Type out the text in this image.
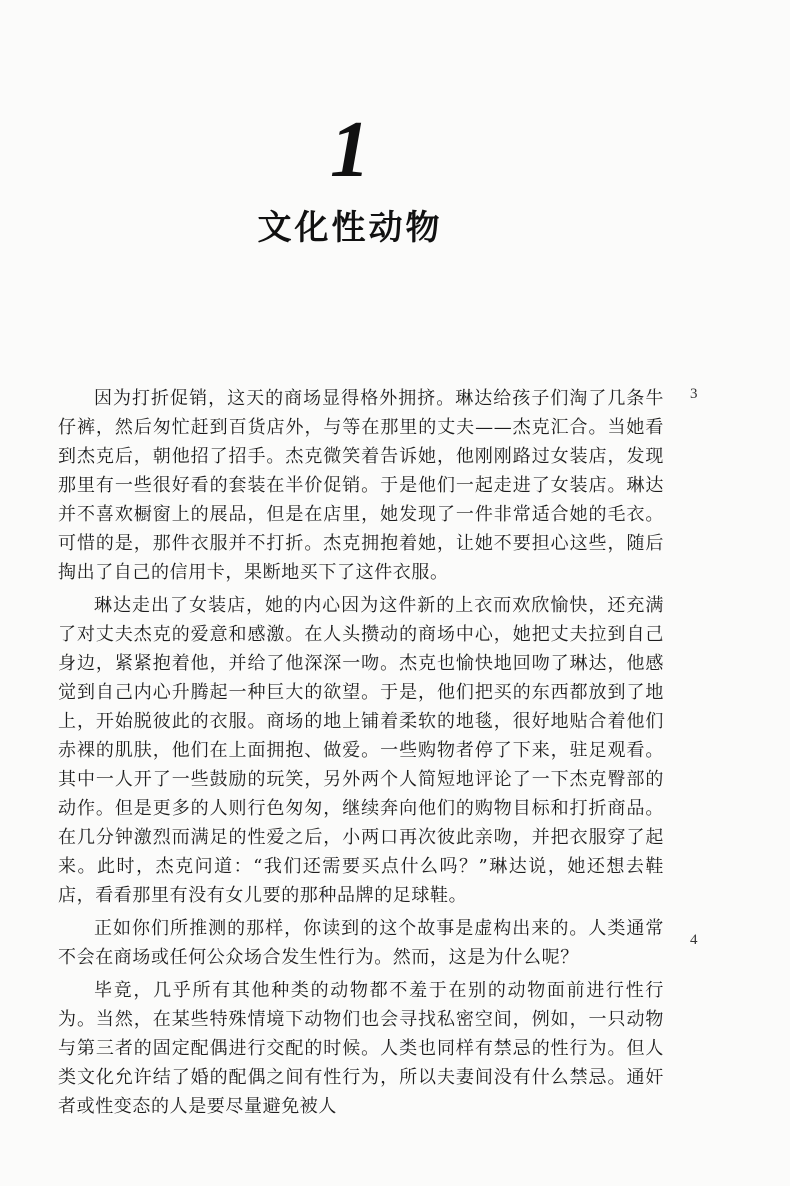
1
文化性动物

因为打折促销，这天的商场显得格外拥挤。琳达给孩子们淘了几条牛仔裤，然后匆忙赶到百货店外，与等在那里的丈夫——杰克汇合。当她看到杰克后，朝他招了招手。杰克微笑着告诉她，他刚刚路过女装店，发现那里有一些很好看的套装在半价促销。于是他们一起走进了女装店。琳达并不喜欢橱窗上的展品，但是在店里，她发现了一件非常适合她的毛衣。可惜的是，那件衣服并不打折。杰克拥抱着她，让她不要担心这些，随后掏出了自己的信用卡，果断地买下了这件衣服。

琳达走出了女装店，她的内心因为这件新的上衣而欢欣愉快，还充满了对丈夫杰克的爱意和感激。在人头攒动的商场中心，她把丈夫拉到自己身边，紧紧抱着他，并给了他深深一吻。杰克也愉快地回吻了琳达，他感觉到自己内心升腾起一种巨大的欲望。于是，他们把买的东西都放到了地上，开始脱彼此的衣服。商场的地上铺着柔软的地毯，很好地贴合着他们赤裸的肌肤，他们在上面拥抱、做爱。一些购物者停了下来，驻足观看。其中一人开了一些鼓励的玩笑，另外两个人简短地评论了一下杰克臀部的动作。但是更多的人则行色匆匆，继续奔向他们的购物目标和打折商品。在几分钟激烈而满足的性爱之后，小两口再次彼此亲吻，并把衣服穿了起来。此时，杰克问道：“我们还需要买点什么吗？”琳达说，她还想去鞋店，看看那里有没有女儿要的那种品牌的足球鞋。

正如你们所推测的那样，你读到的这个故事是虚构出来的。人类通常不会在商场或任何公众场合发生性行为。然而，这是为什么呢？

毕竟，几乎所有其他种类的动物都不羞于在别的动物面前进行性行为。当然，在某些特殊情境下动物们也会寻找私密空间，例如，一只动物与第三者的固定配偶进行交配的时候。人类也同样有禁忌的性行为。但人类文化允许结了婚的配偶之间有性行为，所以夫妻间没有什么禁忌。通奸者或性变态的人是要尽量避免被人

3
4
